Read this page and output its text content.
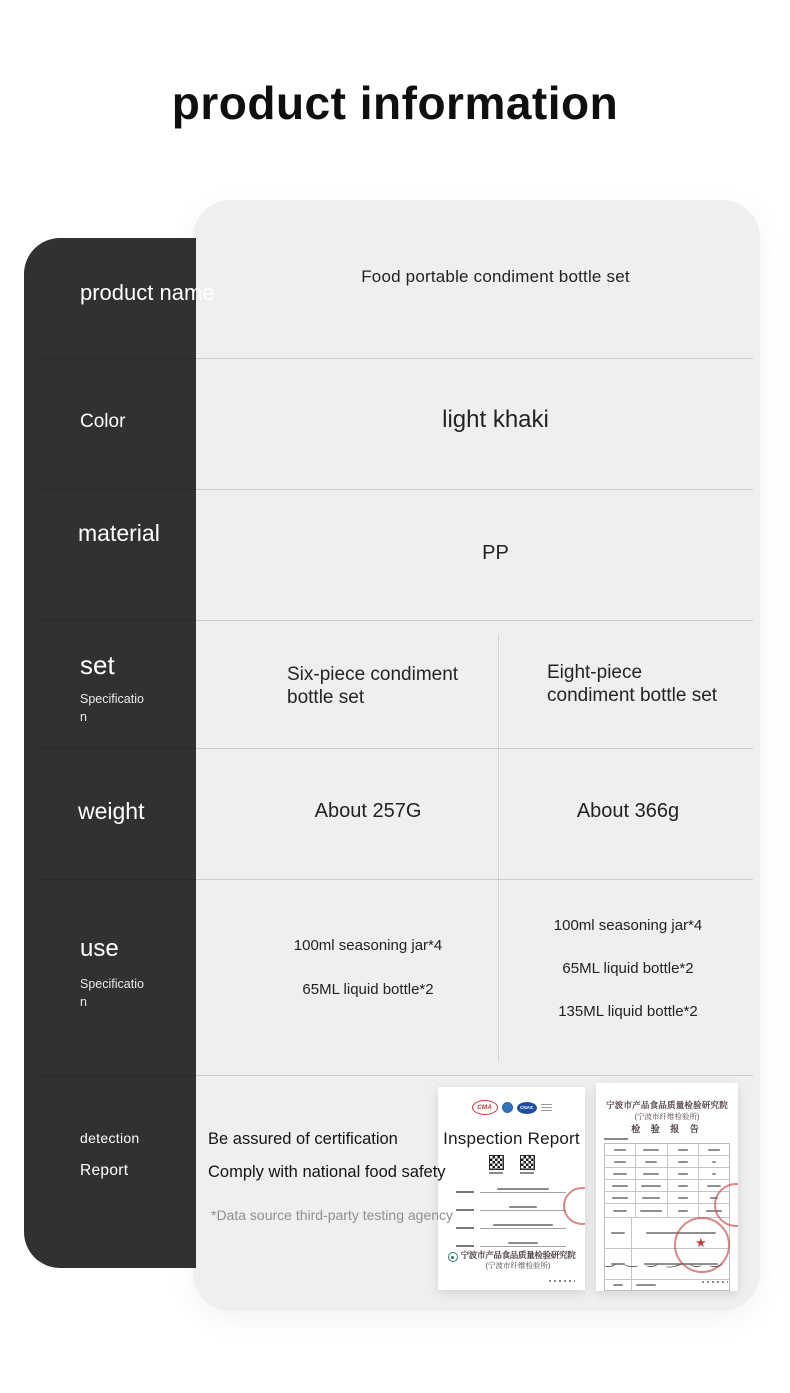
product information
product name
Color
material
set
Specification
weight
use
Specification
detection
Report
Food portable condiment bottle set
light khaki
PP
Six-piece condiment bottle set
Eight-piece condiment bottle set
About 257G	About 366g
100ml seasoning jar*4
65ML liquid bottle*2
100ml seasoning jar*4
65ML liquid bottle*2
135ML liquid bottle*2
Be assured of certification
Comply with national food safety
*Data source third-party testing agency
CMA	CNAS
Inspection Report
宁波市产品食品质量检验研究院
(宁波市纤维检验所)
宁波市产品食品质量检验研究院
(宁波市纤维检验所)
检 验 报 告
★
